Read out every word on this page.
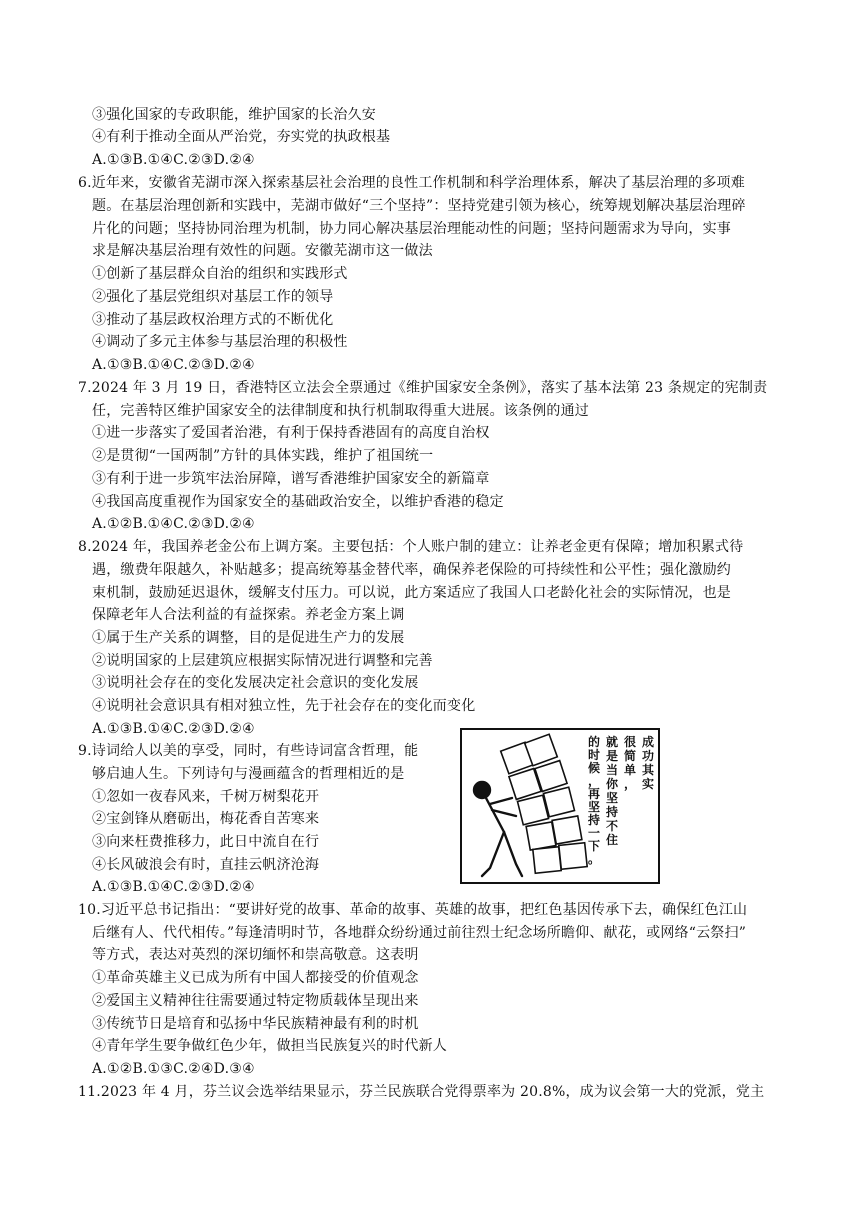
③强化国家的专政职能，维护国家的长治久安
④有利于推动全面从严治党，夯实党的执政根基
A.①③B.①④C.②③D.②④
6.近年来，安徽省芜湖市深入探索基层社会治理的良性工作机制和科学治理体系，解决了基层治理的多项难
题。在基层治理创新和实践中，芜湖市做好“三个坚持”：坚持党建引领为核心，统筹规划解决基层治理碎
片化的问题；坚持协同治理为机制，协力同心解决基层治理能动性的问题；坚持问题需求为导向，实事
求是解决基层治理有效性的问题。安徽芜湖市这一做法
①创新了基层群众自治的组织和实践形式
②强化了基层党组织对基层工作的领导
③推动了基层政权治理方式的不断优化
④调动了多元主体参与基层治理的积极性
A.①③B.①④C.②③D.②④
7.2024 年 3 月 19 日，香港特区立法会全票通过《维护国家安全条例》，落实了基本法第 23 条规定的宪制责
任，完善特区维护国家安全的法律制度和执行机制取得重大进展。该条例的通过
①进一步落实了爱国者治港，有利于保持香港固有的高度自治权
②是贯彻“一国两制”方针的具体实践，维护了祖国统一
③有利于进一步筑牢法治屏障，谱写香港维护国家安全的新篇章
④我国高度重视作为国家安全的基础政治安全，以维护香港的稳定
A.①②B.①④C.②③D.②④
8.2024 年，我国养老金公布上调方案。主要包括：个人账户制的建立：让养老金更有保障；增加积累式待
遇，缴费年限越久，补贴越多；提高统筹基金替代率，确保养老保险的可持续性和公平性；强化激励约
束机制，鼓励延迟退休，缓解支付压力。可以说，此方案适应了我国人口老龄化社会的实际情况，也是
保障老年人合法利益的有益探索。养老金方案上调
①属于生产关系的调整，目的是促进生产力的发展
②说明国家的上层建筑应根据实际情况进行调整和完善
③说明社会存在的变化发展决定社会意识的变化发展
④说明社会意识具有相对独立性，先于社会存在的变化而变化
A.①③B.①④C.②③D.②④
9.诗词给人以美的享受，同时，有些诗词富含哲理，能
够启迪人生。下列诗句与漫画蕴含的哲理相近的是
①忽如一夜春风来，千树万树梨花开
②宝剑锋从磨砺出，梅花香自苦寒来
③向来枉费推移力，此日中流自在行
④长风破浪会有时，直挂云帆济沧海
A.①③B.①④C.②③D.②④
成功其实
很简单，
就是当你坚持不住
的时候，再坚持一下。
10.习近平总书记指出：“要讲好党的故事、革命的故事、英雄的故事，把红色基因传承下去，确保红色江山
后继有人、代代相传。”每逢清明时节，各地群众纷纷通过前往烈士纪念场所瞻仰、献花，或网络“云祭扫”
等方式，表达对英烈的深切缅怀和崇高敬意。这表明
①革命英雄主义已成为所有中国人都接受的价值观念
②爱国主义精神往往需要通过特定物质载体呈现出来
③传统节日是培育和弘扬中华民族精神最有利的时机
④青年学生要争做红色少年，做担当民族复兴的时代新人
A.①②B.①③C.②④D.③④
11.2023 年 4 月，芬兰议会选举结果显示，芬兰民族联合党得票率为 20.8%，成为议会第一大的党派，党主
